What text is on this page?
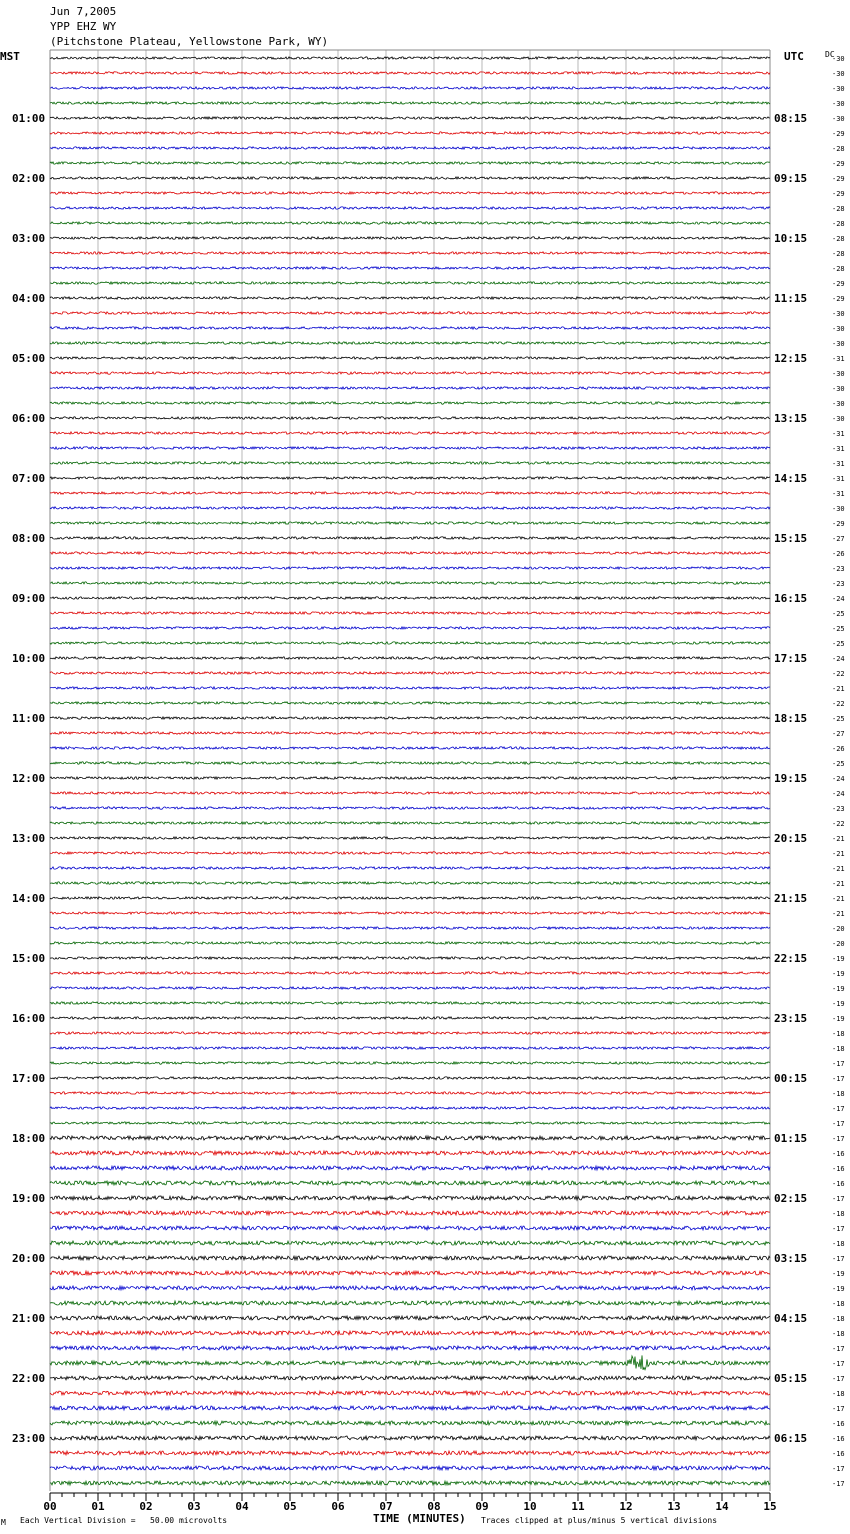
Jun 7,2005
YPP EHZ WY
(Pitchstone Plateau, Yellowstone Park, WY)
MST	UTC	DC
01:00
02:00
03:00
04:00
05:00
06:00
07:00
08:00
09:00
10:00
11:00
12:00
13:00
14:00
15:00
16:00
17:00
18:00
19:00
20:00
21:00
22:00
23:00
08:15
09:15
10:15
11:15
12:15
13:15
14:15
15:15
16:15
17:15
18:15
19:15
20:15
21:15
22:15
23:15
00:15
01:15
02:15
03:15
04:15
05:15
06:15
-30
-30
-30
-30
-30
-29
-28
-29
-29
-29
-28
-28
-28
-28
-28
-29
-29
-30
-30
-30
-31
-30
-30
-30
-30
-31
-31
-31
-31
-31
-30
-29
-27
-26
-23
-23
-24
-25
-25
-25
-24
-22
-21
-22
-25
-27
-26
-25
-24
-24
-23
-22
-21
-21
-21
-21
-21
-21
-20
-20
-19
-19
-19
-19
-19
-18
-18
-17
-17
-18
-17
-17
-17
-16
-16
-16
-17
-18
-17
-18
-17
-19
-19
-18
-18
-18
-17
-17
-17
-18
-17
-16
-16
-16
-17
-17
00	01	02	03	04	05	06	07	08	09	10	11	12	13	14	15
TIME (MINUTES)
M Each Vertical Division =   50.00 microvolts	Traces clipped at plus/minus 5 vertical divisions
